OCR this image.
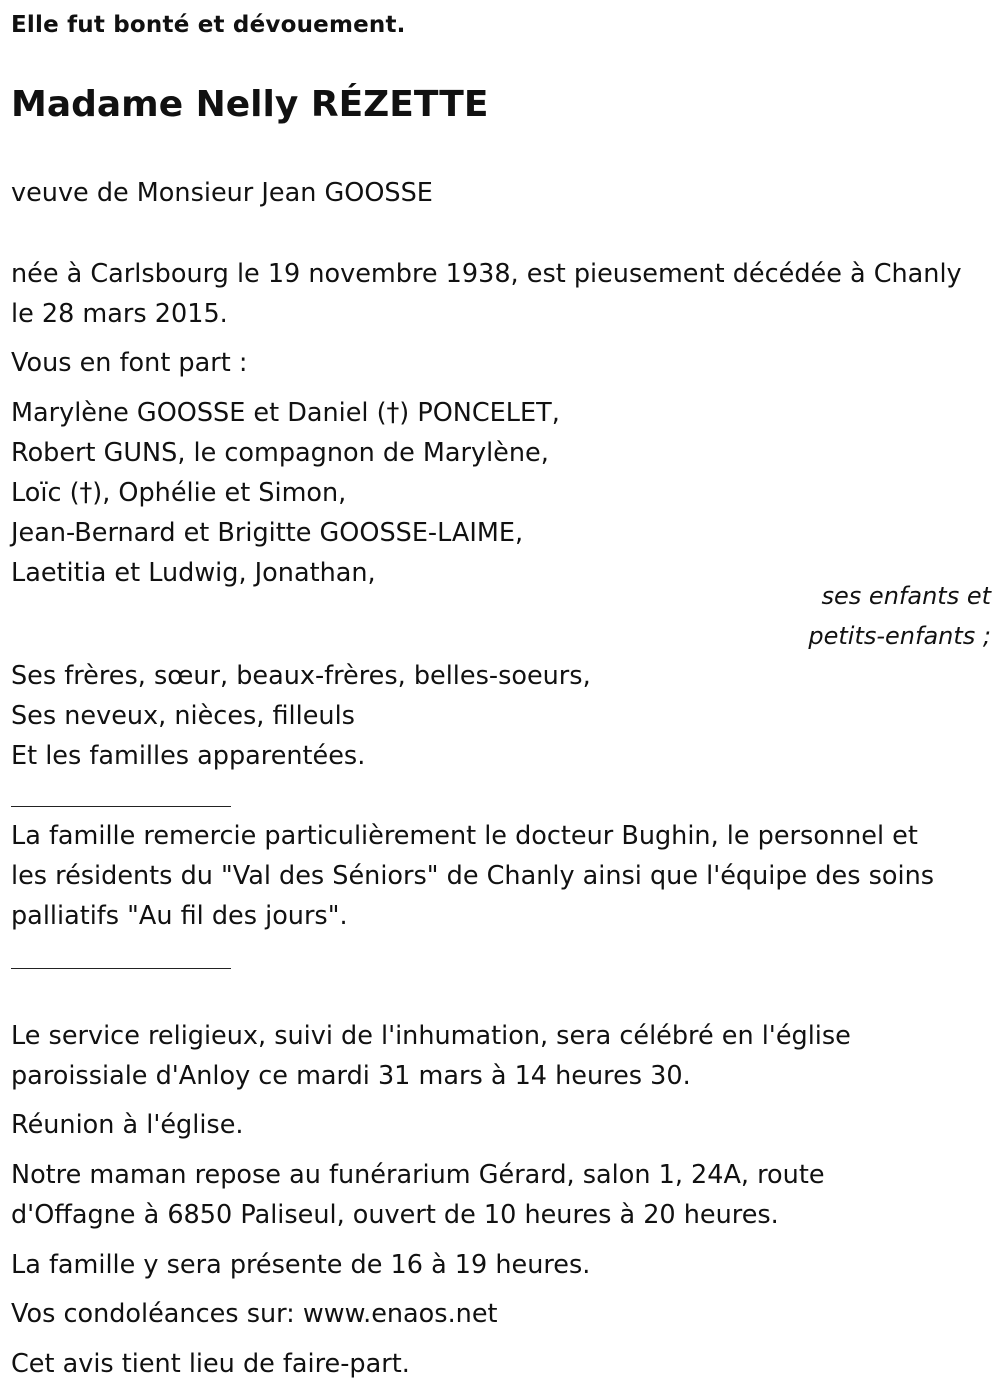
Elle fut bonté et dévouement.
Madame Nelly RÉZETTE
veuve de Monsieur Jean GOOSSE
née à Carlsbourg le 19 novembre 1938, est pieusement décédée à Chanly
le 28 mars 2015.
Vous en font part :
Marylène GOOSSE et Daniel (†) PONCELET,
Robert GUNS, le compagnon de Marylène,
Loïc (†), Ophélie et Simon,
Jean-Bernard et Brigitte GOOSSE-LAIME,
Laetitia et Ludwig, Jonathan,
ses enfants et
petits-enfants ;
Ses frères, sœur, beaux-frères, belles-soeurs,
Ses neveux, nièces, filleuls
Et les familles apparentées.
La famille remercie particulièrement le docteur Bughin, le personnel et
les résidents du "Val des Séniors" de Chanly ainsi que l'équipe des soins
palliatifs "Au fil des jours".
Le service religieux, suivi de l'inhumation, sera célébré en l'église
paroissiale d'Anloy ce mardi 31 mars à 14 heures 30.
Réunion à l'église.
Notre maman repose au funérarium Gérard, salon 1, 24A, route
d'Offagne à 6850 Paliseul, ouvert de 10 heures à 20 heures.
La famille y sera présente de 16 à 19 heures.
Vos condoléances sur: www.enaos.net
Cet avis tient lieu de faire-part.
